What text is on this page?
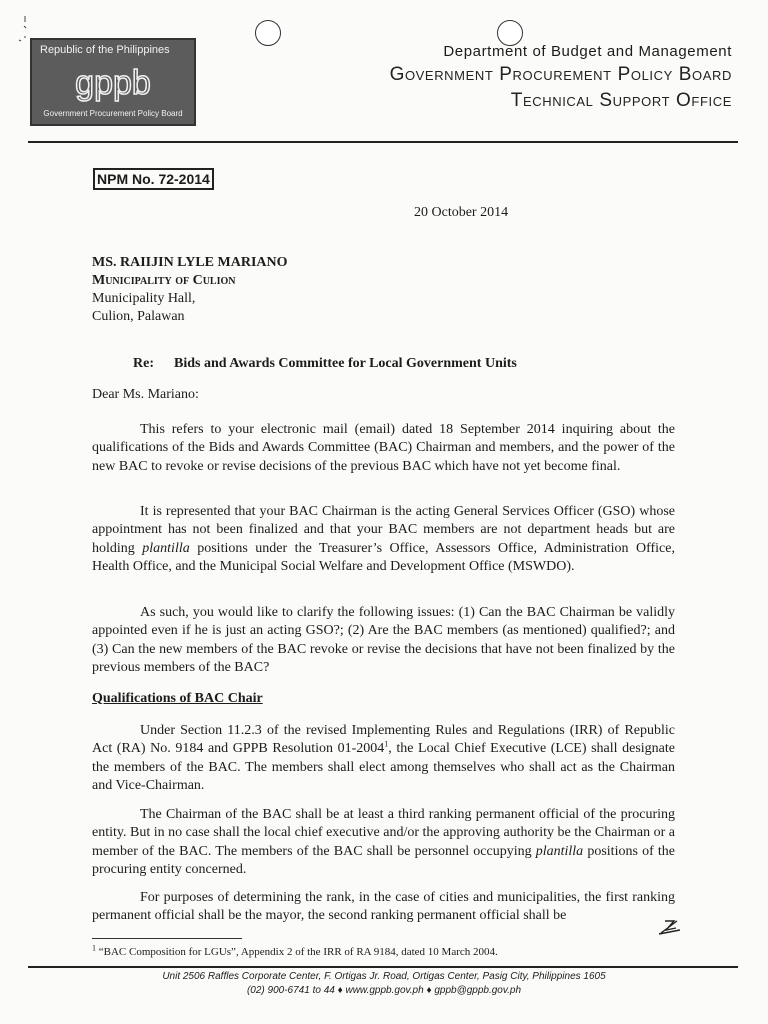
Republic of the Philippines
gppb
Government Procurement Policy Board
Department of Budget and Management
Government Procurement Policy Board
Technical Support Office
NPM No. 72-2014
20 October 2014
MS. RAIIJIN LYLE MARIANO
Municipality of Culion
Municipality Hall,
Culion, Palawan
Re: Bids and Awards Committee for Local Government Units
Dear Ms. Mariano:

This refers to your electronic mail (email) dated 18 September 2014 inquiring about the qualifications of the Bids and Awards Committee (BAC) Chairman and members, and the power of the new BAC to revoke or revise decisions of the previous BAC which have not yet become final.

It is represented that your BAC Chairman is the acting General Services Officer (GSO) whose appointment has not been finalized and that your BAC members are not department heads but are holding plantilla positions under the Treasurer’s Office, Assessors Office, Administration Office, Health Office, and the Municipal Social Welfare and Development Office (MSWDO).

As such, you would like to clarify the following issues: (1) Can the BAC Chairman be validly appointed even if he is just an acting GSO?; (2) Are the BAC members (as mentioned) qualified?; and (3) Can the new members of the BAC revoke or revise the decisions that have not been finalized by the previous members of the BAC?

Qualifications of BAC Chair

Under Section 11.2.3 of the revised Implementing Rules and Regulations (IRR) of Republic Act (RA) No. 9184 and GPPB Resolution 01-2004$^1$, the Local Chief Executive (LCE) shall designate the members of the BAC. The members shall elect among themselves who shall act as the Chairman and Vice-Chairman.

The Chairman of the BAC shall be at least a third ranking permanent official of the procuring entity. But in no case shall the local chief executive and/or the approving authority be the Chairman or a member of the BAC. The members of the BAC shall be personnel occupying plantilla positions of the procuring entity concerned.

For purposes of determining the rank, in the case of cities and municipalities, the first ranking permanent official shall be the mayor, the second ranking permanent official shall be

$^1$ “BAC Composition for LGUs”, Appendix 2 of the IRR of RA 9184, dated 10 March 2004.
Unit 2506 Raffles Corporate Center, F. Ortigas Jr. Road, Ortigas Center, Pasig City, Philippines 1605
(02) 900-6741 to 44 ♦ www.gppb.gov.ph ♦ gppb@gppb.gov.ph
